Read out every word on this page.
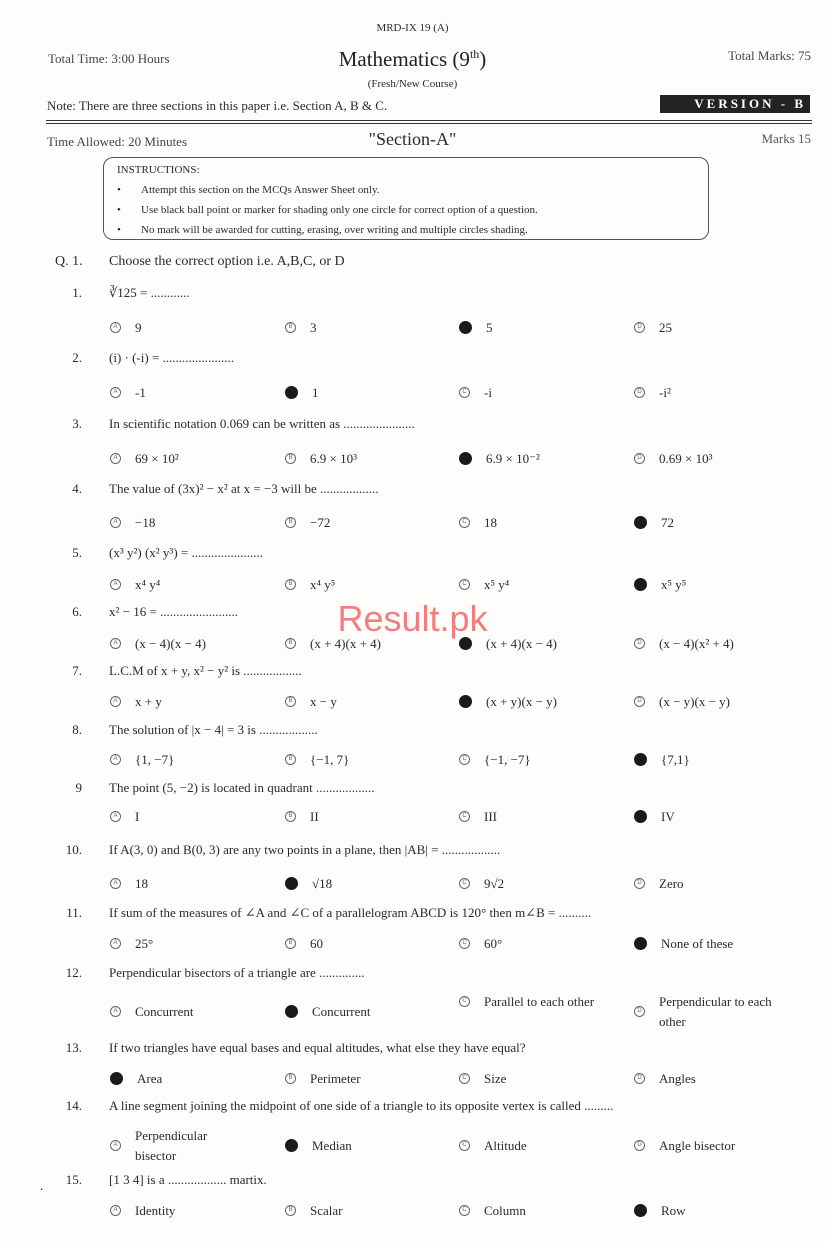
MRD-IX 19 (A)
Total Time: 3:00 Hours	Mathematics (9th)	Total Marks: 75
(Fresh/New Course)
Note: There are three sections in this paper i.e. Section A, B & C.	VERSION - B
Time Allowed: 20 Minutes	"Section-A"	Marks 15
INSTRUCTIONS:
• Attempt this section on the MCQs Answer Sheet only.
• Use black ball point or marker for shading only one circle for correct option of a question.
• No mark will be awarded for cutting, erasing, over writing and multiple circles shading.
Q. 1. Choose the correct option i.e. A,B,C, or D
1. ∛125 = ............
A 9	B 3	C	5	D 25
2. (i) · (-i) = ......................
A -1	B	1	C -i	D -i²
3. In scientific notation 0.069 can be written as ......................
A 69 × 10²	B 6.9 × 10³	C	6.9 × 10⁻²	D 0.69 × 10³
4. The value of (3x)² − x² at x = −3 will be ..................
A −18	B −72	C 18	D	72
5. (x³ y²) (x² y³) = ......................
A x⁴ y⁴	B x⁴ y⁵	C x⁵ y⁴	D	x⁵ y⁵
6. x² − 16 = ........................
A (x − 4)(x − 4)	B (x + 4)(x + 4)	C	(x + 4)(x − 4)	D (x − 4)(x² + 4)
7. L.C.M of x + y, x² − y² is ..................
A x + y	B x − y	C	(x + y)(x − y)	D (x − y)(x − y)
8. The solution of |x − 4| = 3 is ..................
A {1, −7}	B {−1, 7}	C {−1, −7}	D	{7,1}
9 The point (5, −2) is located in quadrant ..................
A I	B II	C III	D	IV
10. If A(3, 0) and B(0, 3) are any two points in a plane, then |AB| = ..................
A 18	B	√18	C 9√2	D Zero
11. If sum of the measures of ∠A and ∠C of a parallelogram ABCD is 120° then m∠B = ..........
A 25°	B 60	C 60°	D	None of these
12. Perpendicular bisectors of a triangle are ..............
A Concurrent	B	Concurrent
C Parallel to each other
D
Perpendicular to each other
13. If two triangles have equal bases and equal altitudes, what else they have equal?
A	Area	B Perimeter	C Size	D Angles
14. A line segment joining the midpoint of one side of a triangle to its opposite vertex is called .........
A
Perpendicular bisector
B	Median	C Altitude	D Angle bisector
15. [1 3 4] is a .................. martix.
A Identity	B Scalar	C Column	D	Row
Result.pk
.
